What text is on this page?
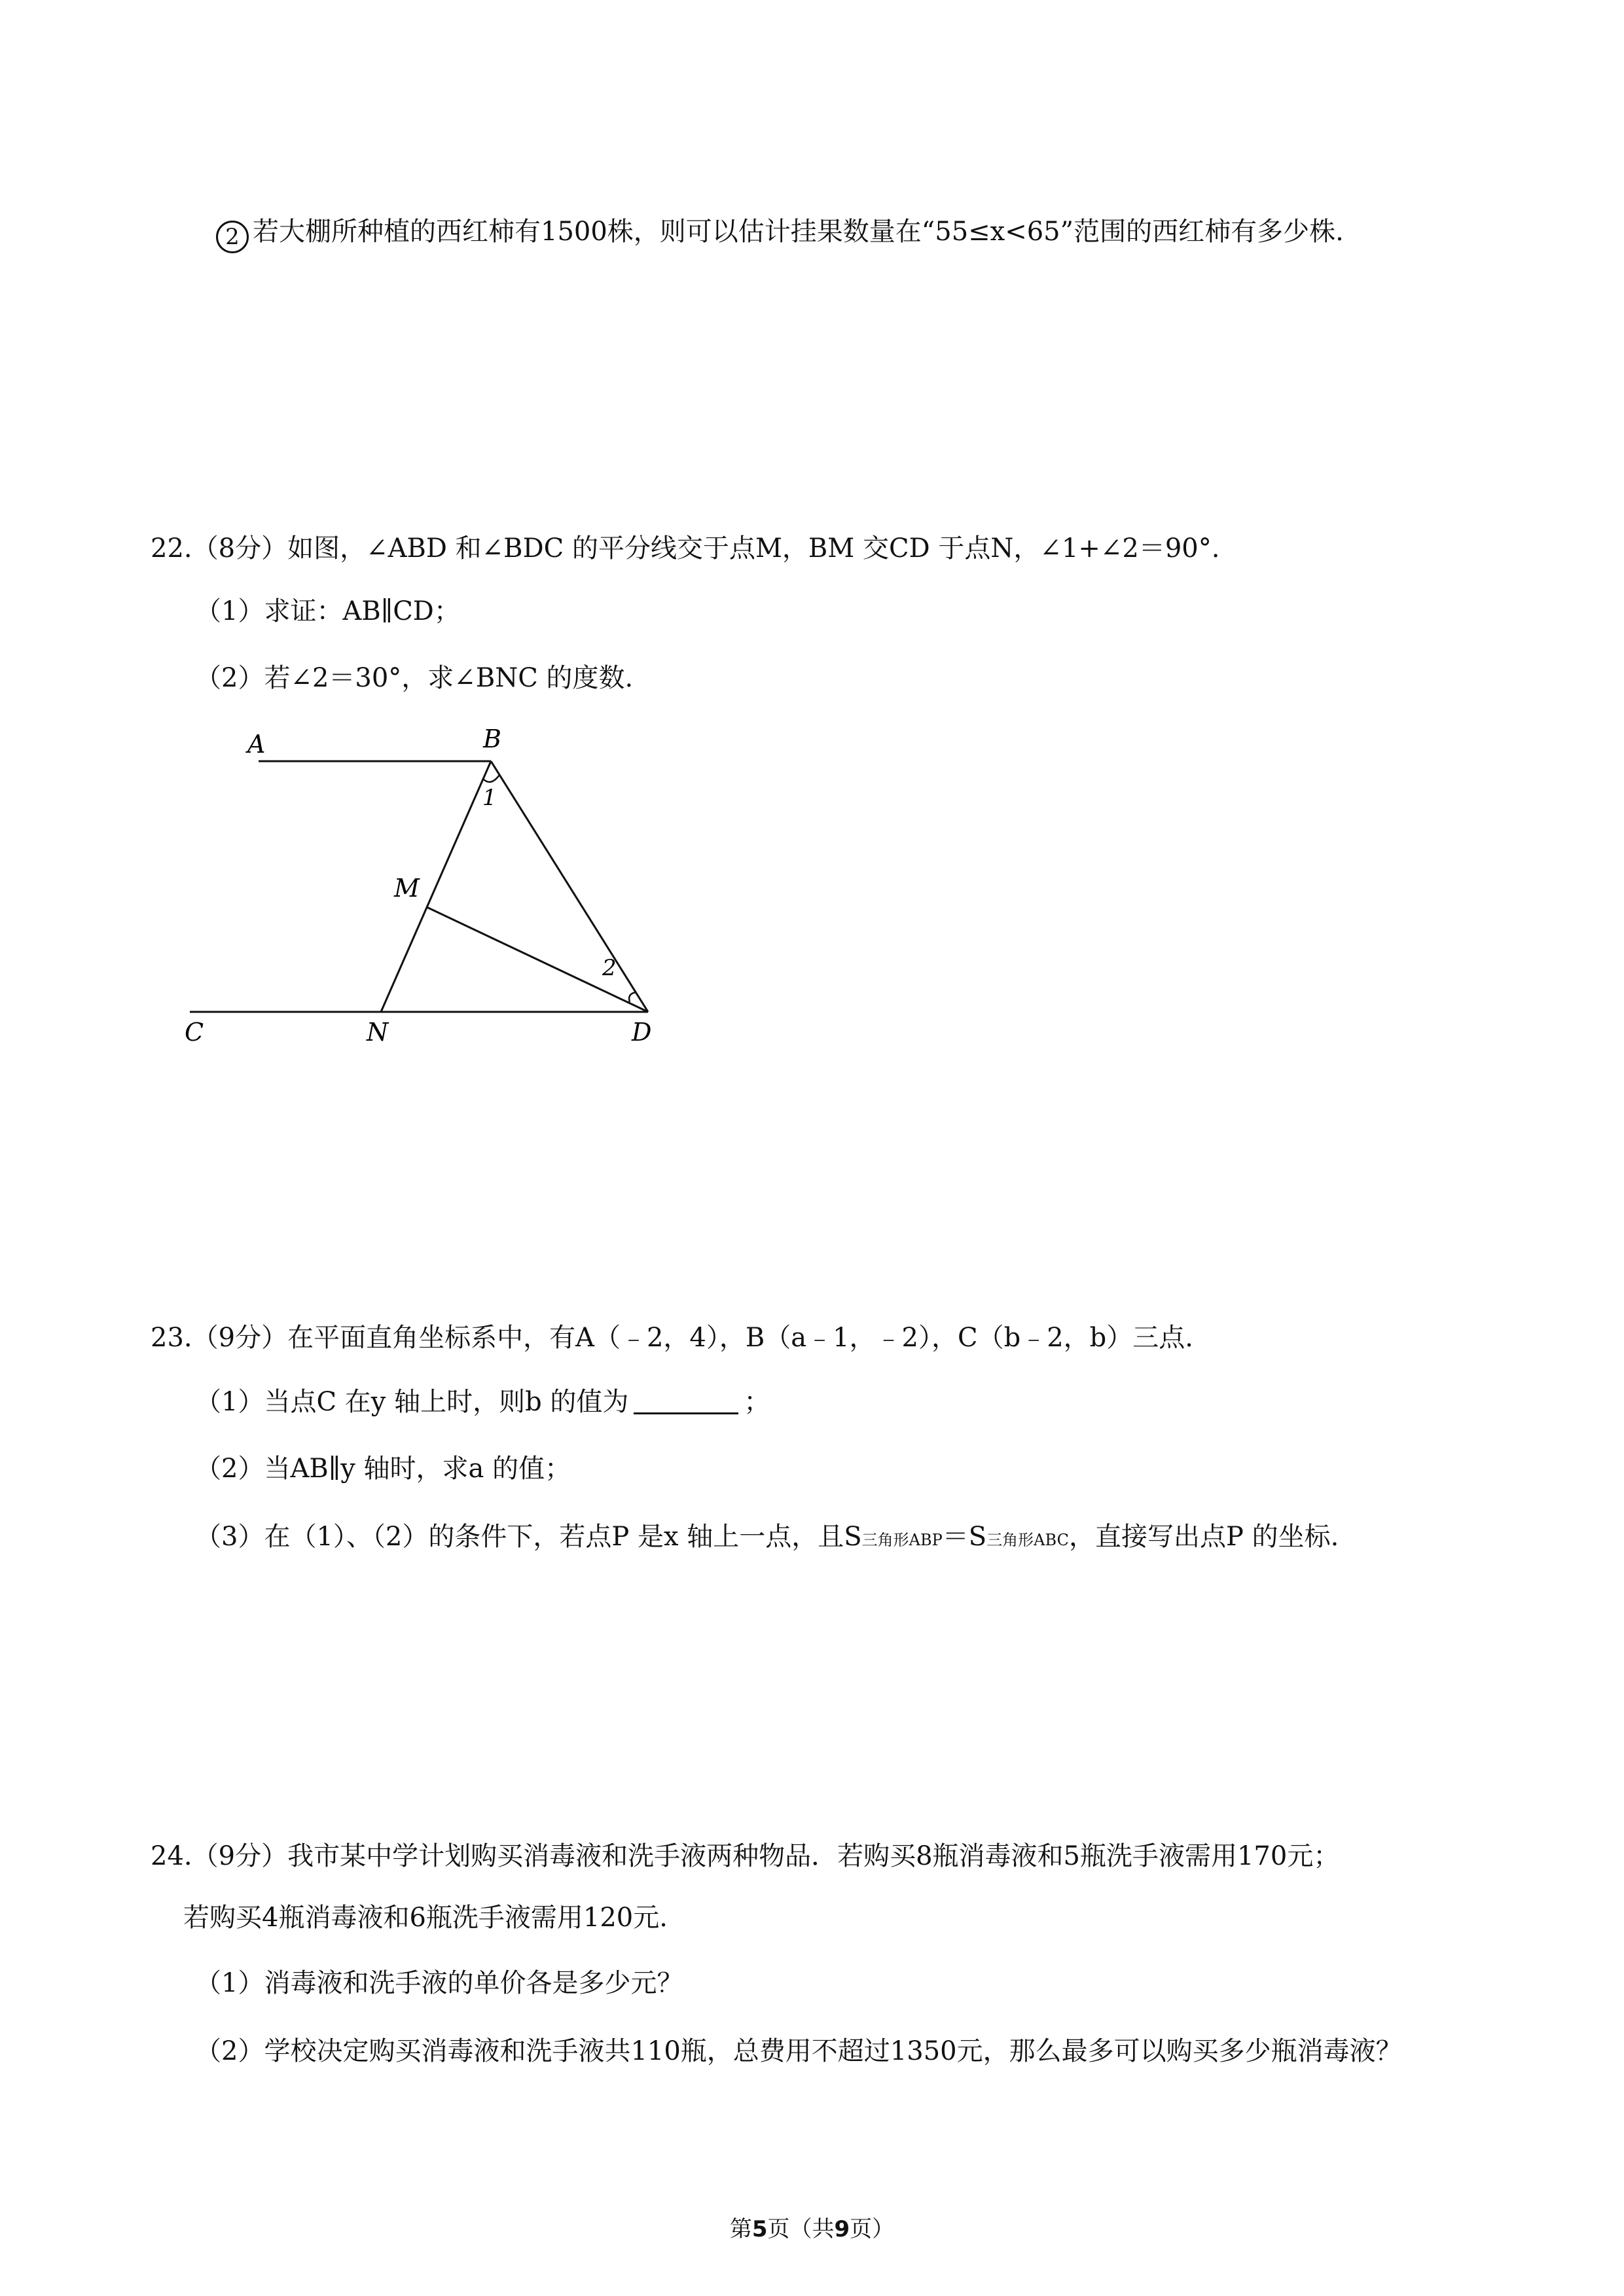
2 若大棚所种植的西红柿有1500株，则可以估计挂果数量在“55≤x<65”范围的西红柿有多少株.
22.（8分）如图，∠ABD 和∠BDC 的平分线交于点M，BM 交CD 于点N，∠1+∠2＝90°.
（1）求证：AB∥CD；
（2）若∠2＝30°，求∠BNC 的度数.
A	B
C	N	D
M
1
2
23.（9分）在平面直角坐标系中，有A（﹣2，4），B（a﹣1，﹣2），C（b﹣2，b）三点.
（1）当点C 在y 轴上时，则b 的值为	；
（2）当AB∥y 轴时，求a 的值；
（3）在（1）、（2）的条件下，若点P 是x 轴上一点，且S三角形ABP＝S三角形ABC，直接写出点P 的坐标.
24.（9分）我市某中学计划购买消毒液和洗手液两种物品．若购买8瓶消毒液和5瓶洗手液需用170元；
若购买4瓶消毒液和6瓶洗手液需用120元.
（1）消毒液和洗手液的单价各是多少元？
（2）学校决定购买消毒液和洗手液共110瓶，总费用不超过1350元，那么最多可以购买多少瓶消毒液？
第5页（共9页）
